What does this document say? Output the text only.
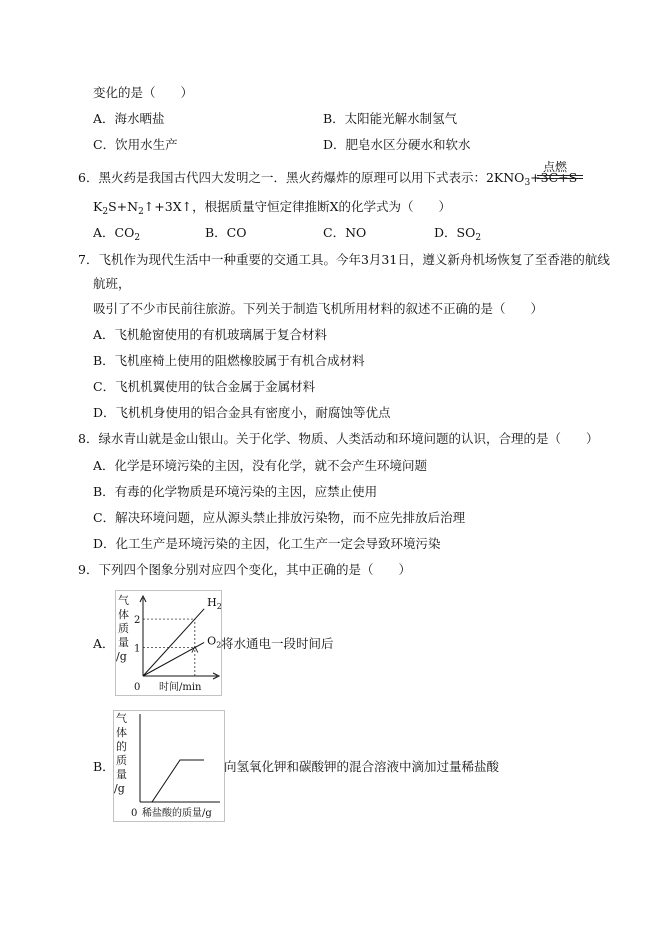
变化的是（　　）
A．海水晒盐	B．太阳能光解水制氢气
C．饮用水生产	D．肥皂水区分硬水和软水
6．黑火药是我国古代四大发明之一．黑火药爆炸的原理可以用下式表示：$2KNO_3+3C+S$
点燃
$K_2S+N_2↑+3X↑$，根据质量守恒定律推断X的化学式为（　　）
A．$CO_2$	B．CO	C．NO	D．$SO_2$
7．飞机作为现代生活中一种重要的交通工具。今年3月31日，遵义新舟机场恢复了至香港的航线
航班，
吸引了不少市民前往旅游。下列关于制造飞机所用材料的叙述不正确的是（　　）
A．飞机舱窗使用的有机玻璃属于复合材料
B．飞机座椅上使用的阻燃橡胶属于有机合成材料
C．飞机机翼使用的钛合金属于金属材料
D．飞机机身使用的铝合金具有密度小，耐腐蚀等优点
8．绿水青山就是金山银山。关于化学、物质、人类活动和环境问题的认识，合理的是（　　）
A．化学是环境污染的主因，没有化学，就不会产生环境问题
B．有毒的化学物质是环境污染的主因，应禁止使用
C．解决环境问题，应从源头禁止排放污染物，而不应先排放后治理
D．化工生产是环境污染的主因，化工生产一定会导致环境污染
9．下列四个图象分别对应四个变化，其中正确的是（　　）
A．
气
体
质
量
/g
0 时间/min
1
2
$H_2$
$O_2$ 将水通电一段时间后
B．
气
体
的
质
量
/g
0 稀盐酸的质量/g
向氢氧化钾和碳酸钾的混合溶液中滴加过量稀盐酸
